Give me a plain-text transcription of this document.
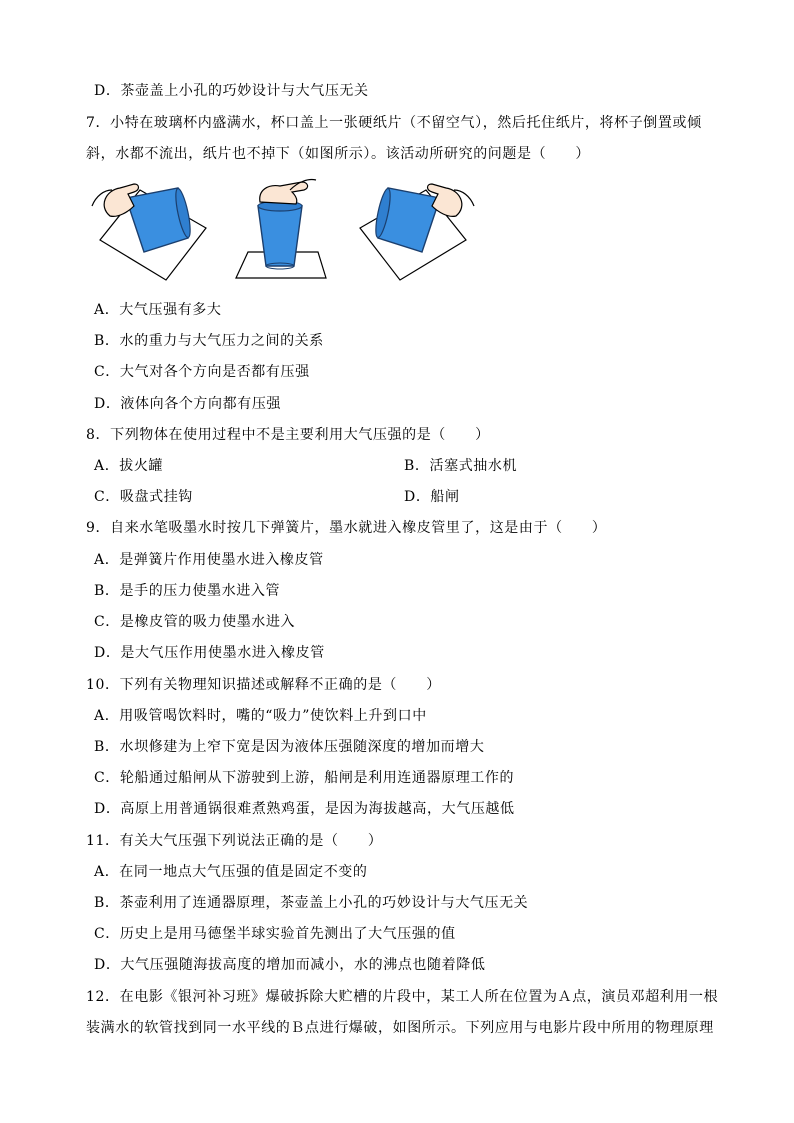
D．茶壶盖上小孔的巧妙设计与大气压无关
7．小特在玻璃杯内盛满水，杯口盖上一张硬纸片（不留空气），然后托住纸片，将杯子倒置或倾
斜，水都不流出，纸片也不掉下（如图所示）。该活动所研究的问题是（　　）
A．大气压强有多大
B．水的重力与大气压力之间的关系
C．大气对各个方向是否都有压强
D．液体向各个方向都有压强
8．下列物体在使用过程中不是主要利用大气压强的是（　　）
A．拔火罐	B．活塞式抽水机
C．吸盘式挂钩	D．船闸
9．自来水笔吸墨水时按几下弹簧片，墨水就进入橡皮管里了，这是由于（　　）
A．是弹簧片作用使墨水进入橡皮管
B．是手的压力使墨水进入管
C．是橡皮管的吸力使墨水进入
D．是大气压作用使墨水进入橡皮管
10．下列有关物理知识描述或解释不正确的是（　　）
A．用吸管喝饮料时，嘴的“吸力”使饮料上升到口中
B．水坝修建为上窄下宽是因为液体压强随深度的增加而增大
C．轮船通过船闸从下游驶到上游，船闸是利用连通器原理工作的
D．高原上用普通锅很难煮熟鸡蛋，是因为海拔越高，大气压越低
11．有关大气压强下列说法正确的是（　　）
A．在同一地点大气压强的值是固定不变的
B．茶壶利用了连通器原理，茶壶盖上小孔的巧妙设计与大气压无关
C．历史上是用马德堡半球实验首先测出了大气压强的值
D．大气压强随海拔高度的增加而减小，水的沸点也随着降低
12．在电影《银河补习班》爆破拆除大贮槽的片段中，某工人所在位置为Ａ点，演员邓超利用一根
装满水的软管找到同一水平线的Ｂ点进行爆破，如图所示。下列应用与电影片段中所用的物理原理
